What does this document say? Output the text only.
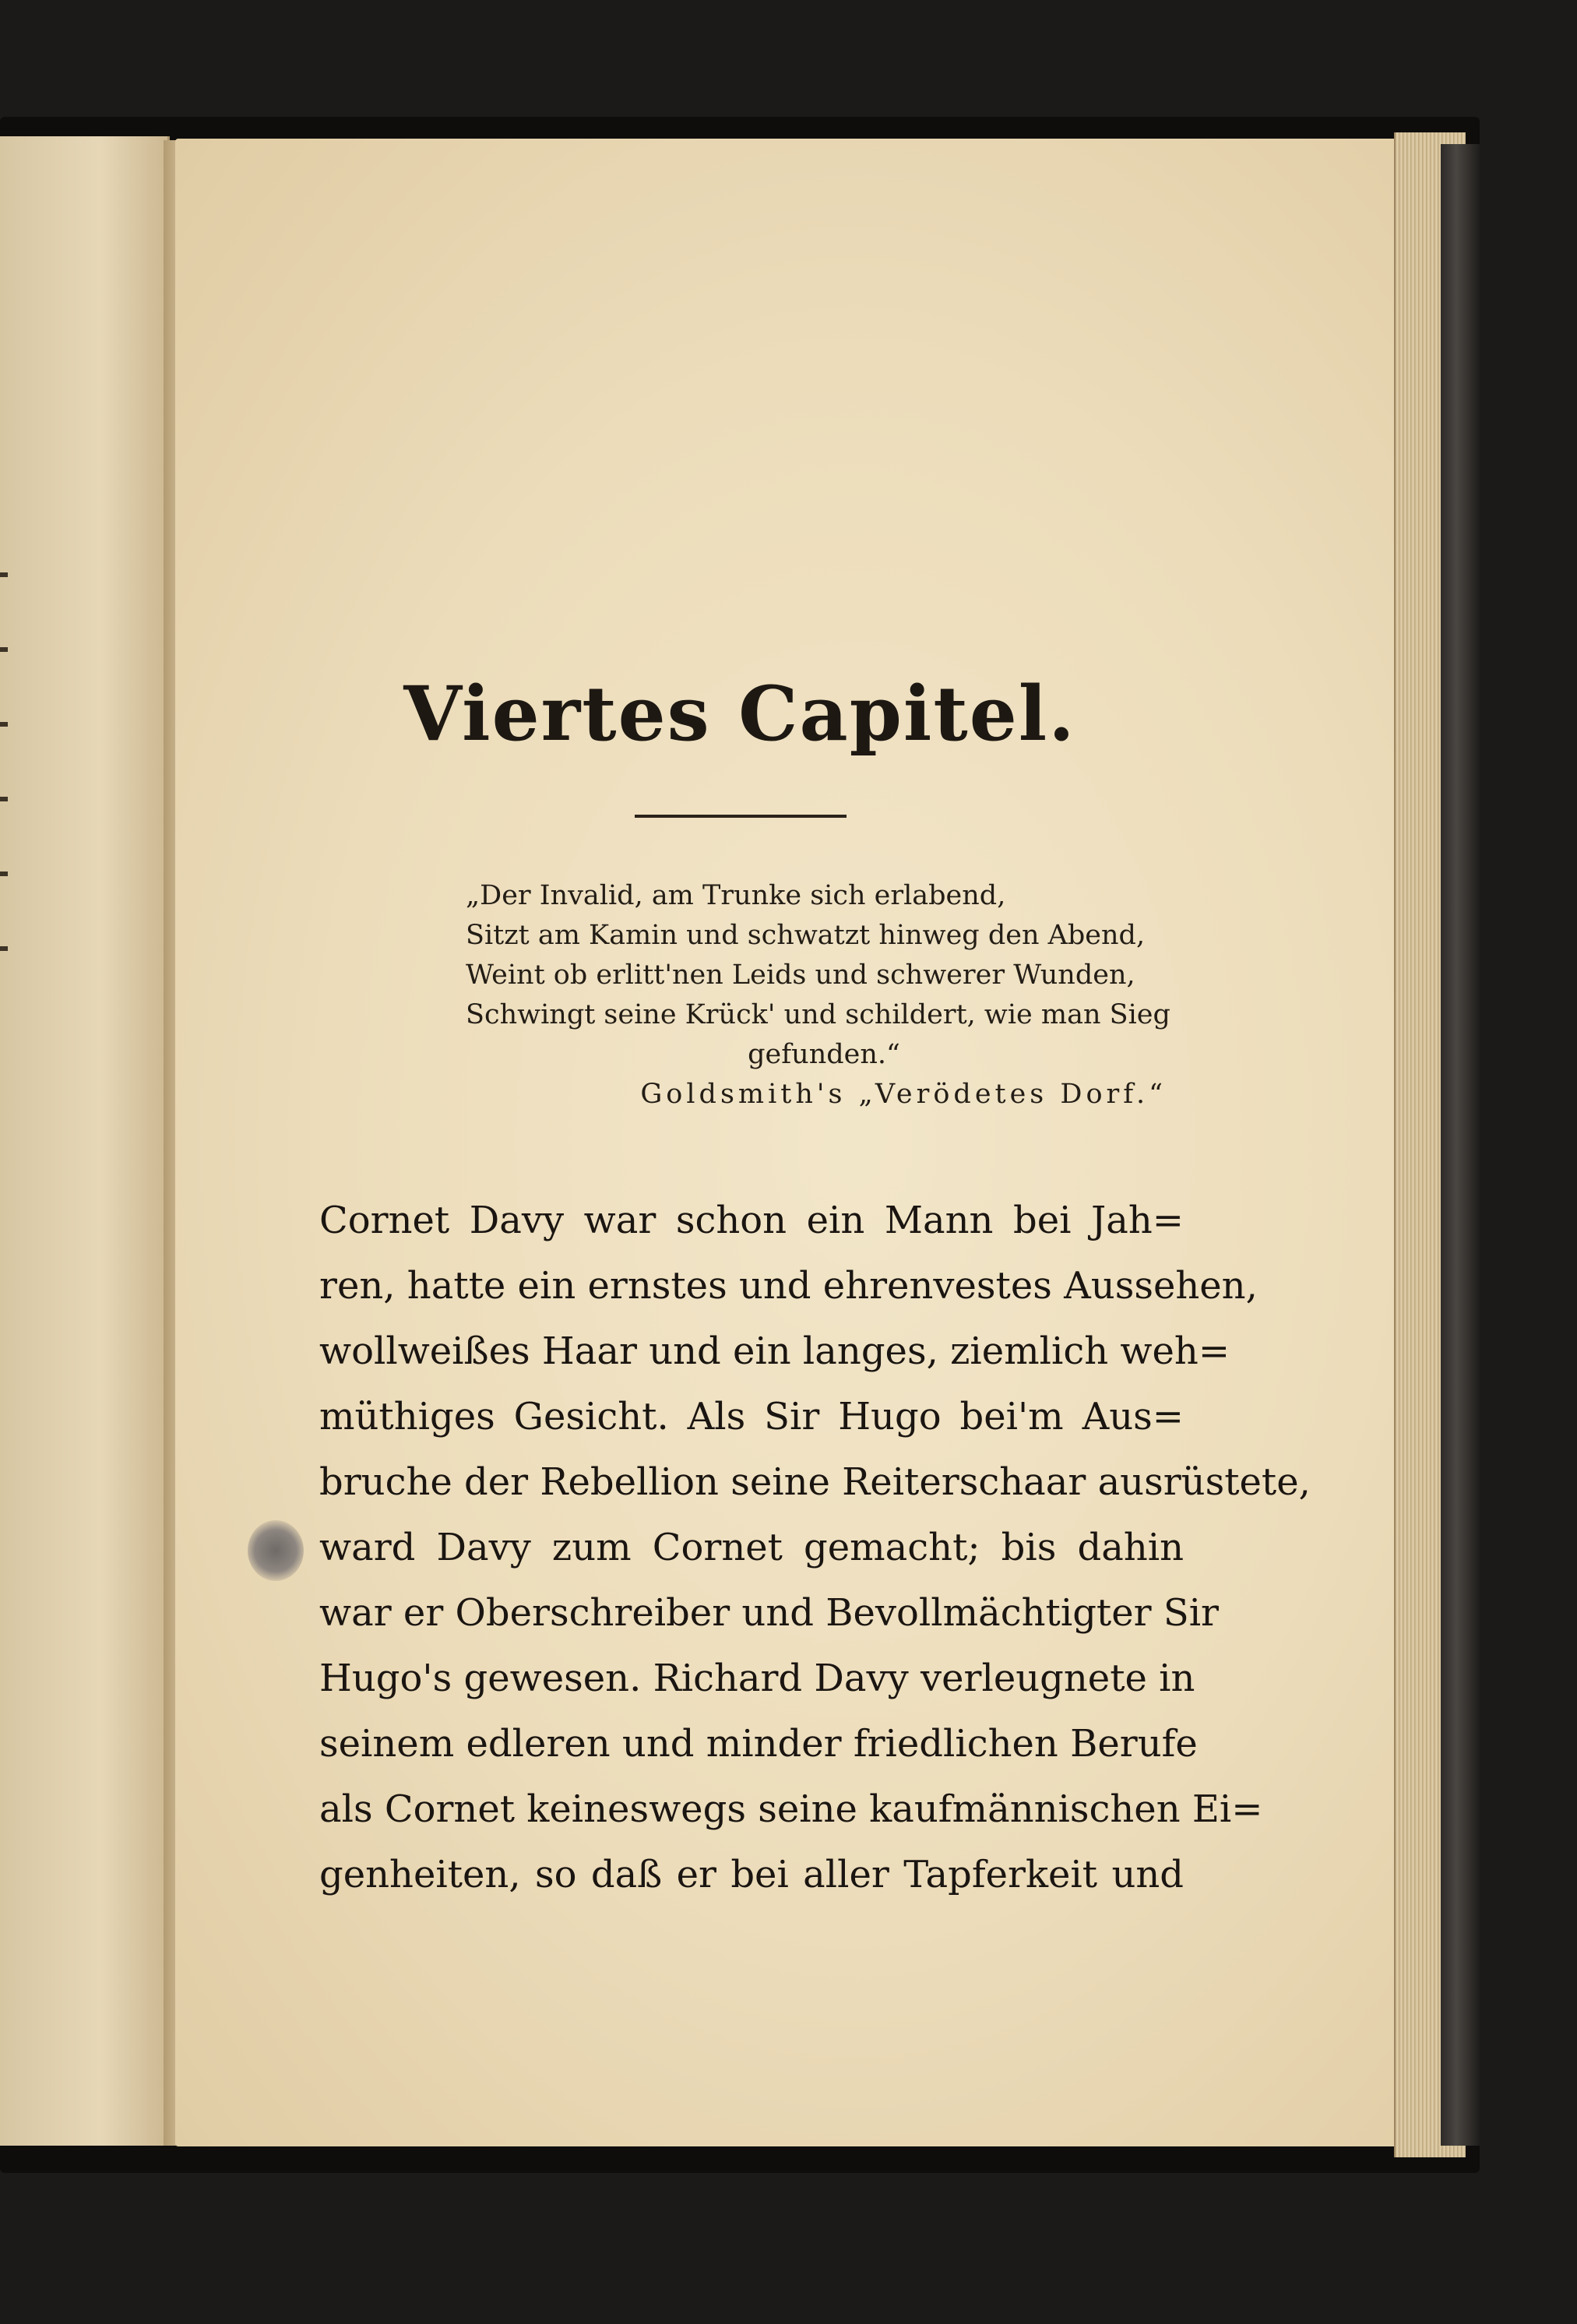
Viertes Capitel.
„Der Invalid, am Trunke sich erlabend,
Sitzt am Kamin und schwatzt hinweg den Abend,
Weint ob erlitt'nen Leids und schwerer Wunden,
Schwingt seine Krück' und schildert, wie man Sieg
gefunden.“
Goldsmith's „Verödetes Dorf.“
Cornet Davy war schon ein Mann bei Jah=
ren, hatte ein ernstes und ehrenvestes Aussehen,
wollweißes Haar und ein langes, ziemlich weh=
müthiges Gesicht. Als Sir Hugo bei'm Aus=
bruche der Rebellion seine Reiterschaar ausrüstete,
ward Davy zum Cornet gemacht; bis dahin
war er Oberschreiber und Bevollmächtigter Sir
Hugo's gewesen. Richard Davy verleugnete in
seinem edleren und minder friedlichen Berufe
als Cornet keineswegs seine kaufmännischen Ei=
genheiten, so daß er bei aller Tapferkeit und
